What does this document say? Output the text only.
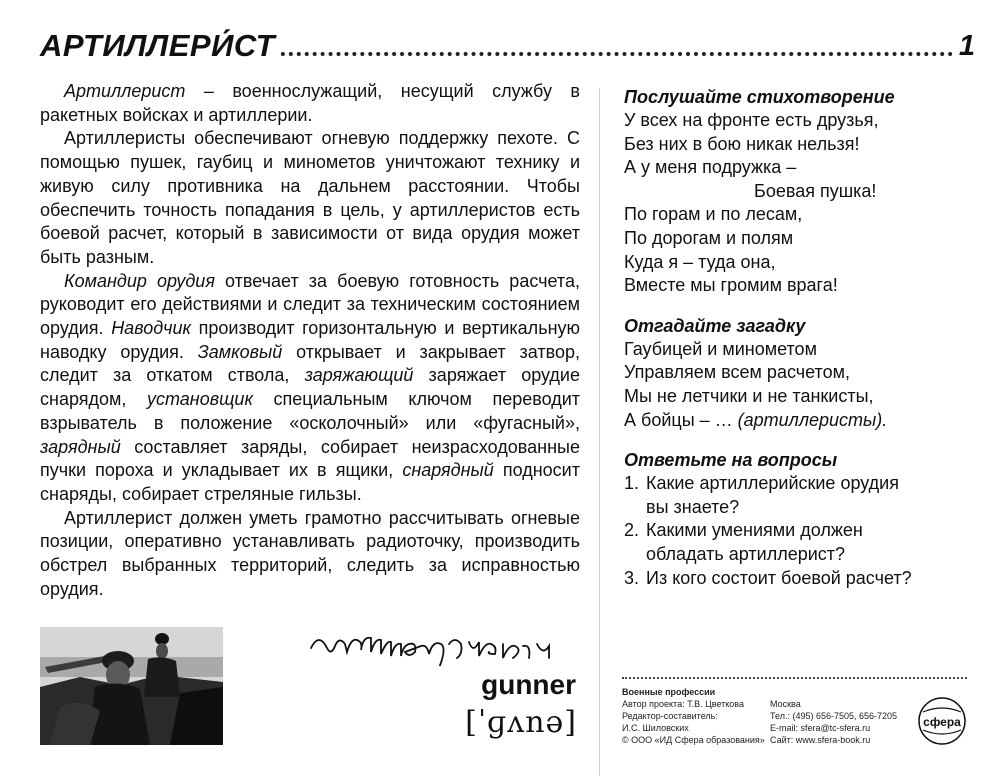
АРТИЛЛЕРИ́СТ	1

Артиллерист – военнослужащий, несущий службу в ракетных войсках и артиллерии.

Артиллеристы обеспечивают огневую поддержку пехоте. С помощью пушек, гаубиц и минометов уничтожают технику и живую силу противника на дальнем расстоянии. Чтобы обеспечить точность попадания в цель, у артиллеристов есть боевой расчет, который в зависимости от вида орудия может быть разным.

Командир орудия отвечает за боевую готовность расчета, руководит его действиями и следит за техническим состоянием орудия. Наводчик производит горизонтальную и вертикальную наводку орудия. Замковый открывает и закрывает затвор, следит за откатом ствола, заряжающий заряжает орудие снарядом, установщик специальным ключом переводит взрыватель в положение «осколочный» или «фугасный», зарядный составляет заряды, собирает неизрасходованные пучки пороха и укладывает их в ящики, снарядный подносит снаряды, собирает стреляные гильзы.

Артиллерист должен уметь грамотно рассчитывать огневые позиции, оперативно устанавливать радиоточку, производить обстрел выбранных территорий, следить за исправностью орудия.

Послушайте стихотворение

У всех на фронте есть друзья,

Без них в бою никак нельзя!

А у меня подружка –

Боевая пушка!

По горам и по лесам,

По дорогам и полям

Куда я – туда она,

Вместе мы громим врага!

Отгадайте загадку

Гаубицей и минометом

Управляем всем расчетом,

Мы не летчики и не танкисты,

А бойцы – … (артиллеристы).

Ответьте на вопросы
1. Какие артиллерийские орудия
вы знаете?
2. Какими умениями должен
обладать артиллерист?
3. Из кого состоит боевой расчет?
gunner
[ˈɡʌnə]
Военные профессии
Автор проекта: Т.В. Цветкова	Москва
Редактор-составитель:	Тел.: (495) 656-7505, 656-7205
И.С. Шиловских	E-mail: sfera@tc-sfera.ru
© ООО «ИД Сфера образования» Сайт: www.sfera-book.ru
сфера
